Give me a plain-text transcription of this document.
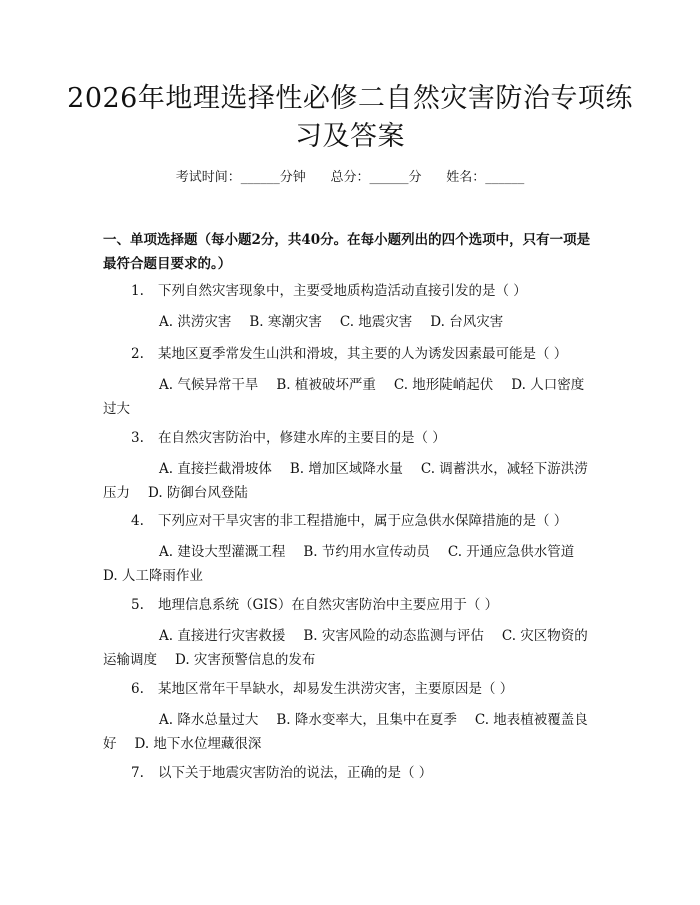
2026年地理选择性必修二自然灾害防治专项练习及答案
考试时间：______分钟      总分：______分      姓名：______
一、单项选择题（每小题2分，共40分。在每小题列出的四个选项中，只有一项是最符合题目要求的。）
1. 下列自然灾害现象中，主要受地质构造活动直接引发的是（ ）
A. 洪涝灾害 B. 寒潮灾害 C. 地震灾害 D. 台风灾害
2. 某地区夏季常发生山洪和滑坡，其主要的人为诱发因素最可能是（ ）
A. 气候异常干旱 B. 植被破坏严重 C. 地形陡峭起伏 D. 人口密度过大
3. 在自然灾害防治中，修建水库的主要目的是（ ）
A. 直接拦截滑坡体 B. 增加区域降水量 C. 调蓄洪水，减轻下游洪涝压力 D. 防御台风登陆
4. 下列应对干旱灾害的非工程措施中，属于应急供水保障措施的是（ ）
A. 建设大型灌溉工程 B. 节约用水宣传动员 C. 开通应急供水管道D. 人工降雨作业
5. 地理信息系统（GIS）在自然灾害防治中主要应用于（ ）
A. 直接进行灾害救援 B. 灾害风险的动态监测与评估 C. 灾区物资的运输调度 D. 灾害预警信息的发布
6. 某地区常年干旱缺水，却易发生洪涝灾害，主要原因是（ ）
A. 降水总量过大 B. 降水变率大，且集中在夏季 C. 地表植被覆盖良好 D. 地下水位埋藏很深
7. 以下关于地震灾害防治的说法，正确的是（ ）
